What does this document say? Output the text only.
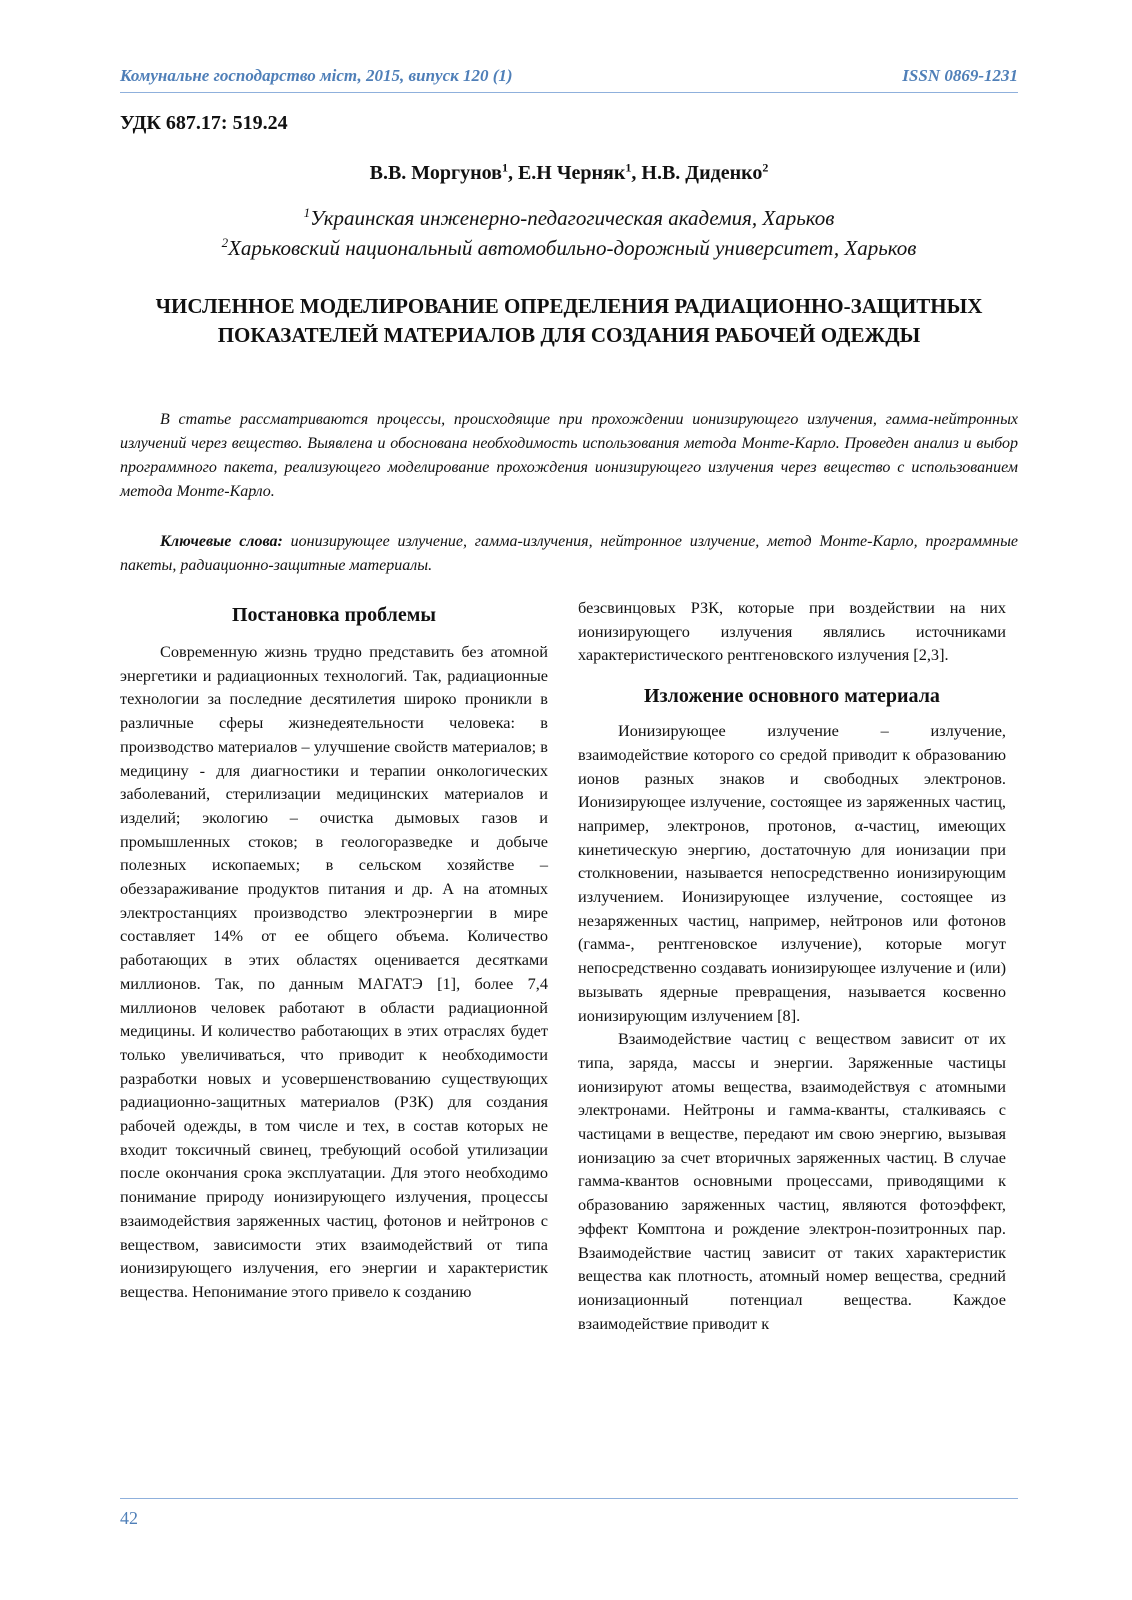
Комунальне господарство міст, 2015, випуск 120 (1)	ISSN 0869-1231
УДК 687.17: 519.24
В.В. Моргунов$^1$, Е.Н Черняк$^1$, Н.В. Диденко$^2$
$^1$Украинская инженерно-педагогическая академия, Харьков
$^2$Харьковский национальный автомобильно-дорожный университет, Харьков
ЧИСЛЕННОЕ МОДЕЛИРОВАНИЕ ОПРЕДЕЛЕНИЯ РАДИАЦИОННО-ЗАЩИТНЫХ ПОКАЗАТЕЛЕЙ МАТЕРИАЛОВ ДЛЯ СОЗДАНИЯ РАБОЧЕЙ ОДЕЖДЫ

В статье рассматриваются процессы, происходящие при прохождении ионизирующего излучения, гамма-нейтронных излучений через вещество. Выявлена и обоснована необходимость использования метода Монте-Карло. Проведен анализ и выбор программного пакета, реализующего моделирование прохождения ионизирующего излучения через вещество с использованием метода Монте-Карло.

Ключевые слова: ионизирующее излучение, гамма-излучения, нейтронное излучение, метод Монте-Карло, программные пакеты, радиационно-защитные материалы.

Постановка проблемы

Современную жизнь трудно представить без атомной энергетики и радиационных технологий. Так, радиационные технологии за последние десятилетия широко проникли в различные сферы жизнедеятельности человека: в производство материалов – улучшение свойств материалов; в медицину - для диагностики и терапии онкологических заболеваний, стерилизации медицинских материалов и изделий; экологию – очистка дымовых газов и промышленных стоков; в геологоразведке и добыче полезных ископаемых; в сельском хозяйстве – обеззараживание продуктов питания и др. А на атомных электростанциях производство электроэнергии в мире составляет 14% от ее общего объема. Количество работающих в этих областях оценивается десятками миллионов. Так, по данным МАГАТЭ [1], более 7,4 миллионов человек работают в области радиационной медицины. И количество работающих в этих отраслях будет только увеличиваться, что приводит к необходимости разработки новых и усовершенствованию существующих радиационно-защитных материалов (РЗК) для создания рабочей одежды, в том числе и тех, в состав которых не входит токсичный свинец, требующий особой утилизации после окончания срока эксплуатации. Для этого необходимо понимание природу ионизирующего излучения, процессы взаимодействия заряженных частиц, фотонов и нейтронов с веществом, зависимости этих взаимодействий от типа ионизирующего излучения, его энергии и характеристик вещества. Непонимание этого привело к созданию

безсвинцовых РЗК, которые при воздействии на них ионизирующего излучения являлись источниками характеристического рентгеновского излучения [2,3].

Изложение основного материала

Ионизирующее излучение – излучение, взаимодействие которого со средой приводит к образованию ионов разных знаков и свободных электронов. Ионизирующее излучение, состоящее из заряженных частиц, например, электронов, протонов, α-частиц, имеющих кинетическую энергию, достаточную для ионизации при столкновении, называется непосредственно ионизирующим излучением. Ионизирующее излучение, состоящее из незаряженных частиц, например, нейтронов или фотонов (гамма-, рентгеновское излучение), которые могут непосредственно создавать ионизирующее излучение и (или) вызывать ядерные превращения, называется косвенно ионизирующим излучением [8].

Взаимодействие частиц с веществом зависит от их типа, заряда, массы и энергии. Заряженные частицы ионизируют атомы вещества, взаимодействуя с атомными электронами. Нейтроны и гамма-кванты, сталкиваясь с частицами в веществе, передают им свою энергию, вызывая ионизацию за счет вторичных заряженных частиц. В случае гамма-квантов основными процессами, приводящими к образованию заряженных частиц, являются фотоэффект, эффект Комптона и рождение электрон-позитронных пар. Взаимодействие частиц зависит от таких характеристик вещества как плотность, атомный номер вещества, средний ионизационный потенциал вещества. Каждое взаимодействие приводит к

42
